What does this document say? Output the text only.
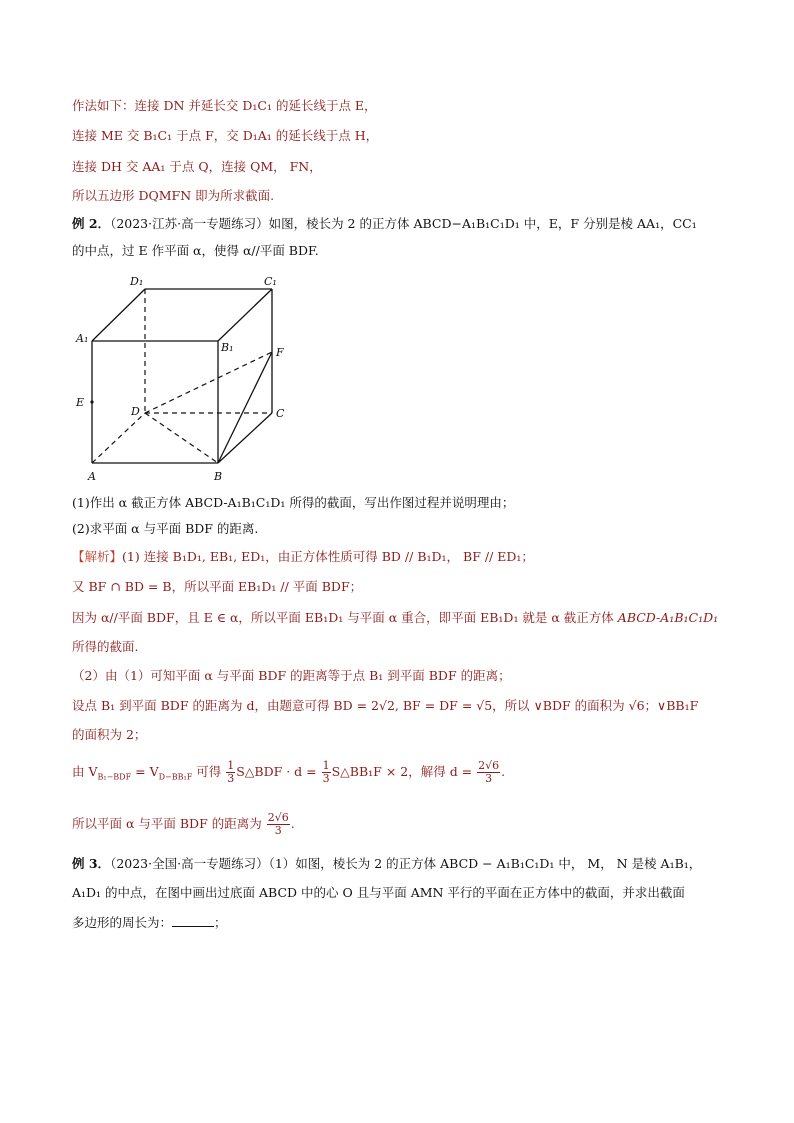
作法如下：连接 DN 并延长交 D₁C₁ 的延长线于点 E，
连接 ME 交 B₁C₁ 于点 F，交 D₁A₁ 的延长线于点 H，
连接 DH 交 AA₁ 于点 Q，连接 QM， FN，
所以五边形 DQMFN 即为所求截面.
例 2．（2023·江苏·高一专题练习）如图，棱长为 2 的正方体 ABCD−A₁B₁C₁D₁ 中，E，F 分别是棱 AA₁，CC₁
的中点，过 E 作平面 α，使得 α//平面 BDF.
D₁	C₁
A₁
B₁	F
E
D	C
A	B
(1)作出 α 截正方体 ABCD-A₁B₁C₁D₁ 所得的截面，写出作图过程并说明理由；
(2)求平面 α 与平面 BDF 的距离.
【解析】(1) 连接 B₁D₁, EB₁, ED₁，由正方体性质可得 BD // B₁D₁， BF // ED₁；
又 BF ∩ BD = B，所以平面 EB₁D₁ // 平面 BDF；
因为 α//平面 BDF，且 E ∈ α，所以平面 EB₁D₁ 与平面 α 重合，即平面 EB₁D₁ 就是 α 截正方体 ABCD-A₁B₁C₁D₁
所得的截面.
（2）由（1）可知平面 α 与平面 BDF 的距离等于点 B₁ 到平面 BDF 的距离；
设点 B₁ 到平面 BDF 的距离为 d，由题意可得 BD = 2√2, BF = DF = √5，所以 ∨BDF 的面积为 √6；∨BB₁F
的面积为 2；
由 $V_{B_1-BDF} = V_{D-BB_1F}$ 可得 $\frac{1}{3}$ S△BDF · $d = \frac{1}{3}$ S△BB₁F × 2，解得 $d = \frac{2√6}{3}$ .
所以平面 α 与平面 BDF 的距离为 $\frac{2√6}{3}$ .
例 3．（2023·全国·高一专题练习）（1）如图，棱长为 2 的正方体 ABCD − A₁B₁C₁D₁ 中， M， N 是棱 A₁B₁，
A₁D₁ 的中点，在图中画出过底面 ABCD 中的心 O 且与平面 AMN 平行的平面在正方体中的截面，并求出截面
多边形的周长为：	；
